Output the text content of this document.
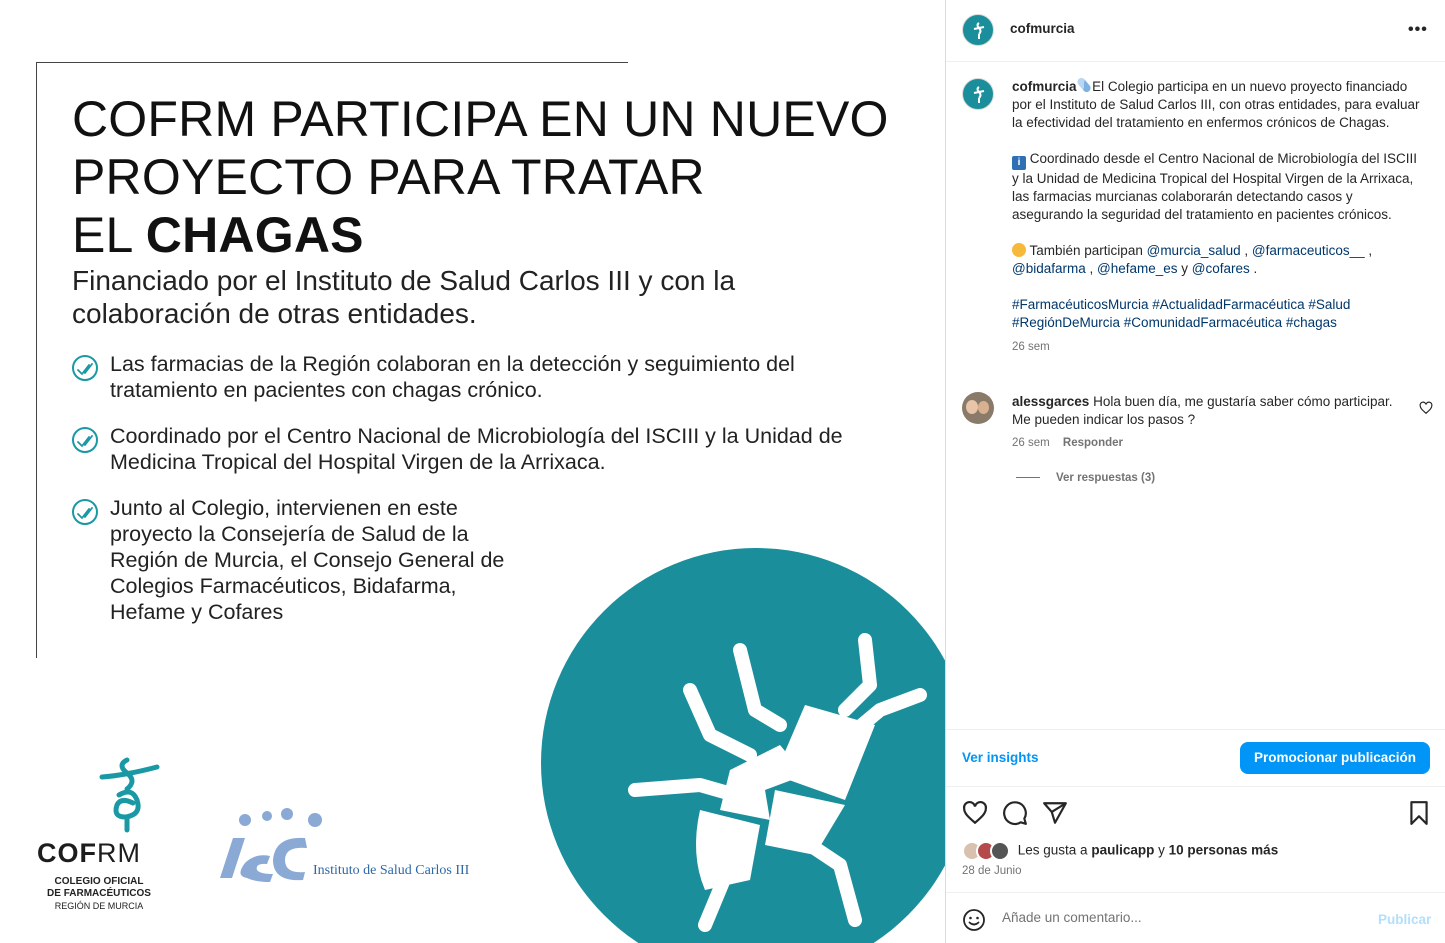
COFRM PARTICIPA EN UN NUEVO
PROYECTO PARA TRATAR
EL CHAGAS
Financiado por el Instituto de Salud Carlos III y con la colaboración de otras entidades.
Las farmacias de la Región colaboran en la detección y seguimiento del tratamiento en pacientes con chagas crónico.
Coordinado por el Centro Nacional de Microbiología del ISCIII y la Unidad de Medicina Tropical del Hospital Virgen de la Arrixaca.
Junto al Colegio, intervienen en este proyecto la Consejería de Salud de la Región de Murcia, el Consejo General de Colegios Farmacéuticos, Bidafarma, Hefame y Cofares
COFRM
COLEGIO OFICIAL
DE FARMACÉUTICOS
REGIÓN DE MURCIA
Instituto de Salud Carlos III
cofmurcia	•••

cofmurcia El Colegio participa en un nuevo proyecto financiado por el Instituto de Salud Carlos III, con otras entidades, para evaluar la efectividad del tratamiento en enfermos crónicos de Chagas.

i Coordinado desde el Centro Nacional de Microbiología del ISCIII y la Unidad de Medicina Tropical del Hospital Virgen de la Arrixaca, las farmacias murcianas colaborarán detectando casos y asegurando la seguridad del tratamiento en pacientes crónicos.

También participan @murcia_salud , @farmaceuticos__ , @bidafarma , @hefame_es y @cofares .

#FarmacéuticosMurcia #ActualidadFarmacéutica #Salud
#RegiónDeMurcia #ComunidadFarmacéutica #chagas

26 sem
alessgarces Hola buen día, me gustaría saber cómo participar. Me pueden indicar los pasos ?
26 sem Responder
Ver respuestas (3)
Ver insights	Promocionar publicación
Les gusta a paulicapp y 10 personas más
28 de Junio
Añade un comentario...
Publicar
